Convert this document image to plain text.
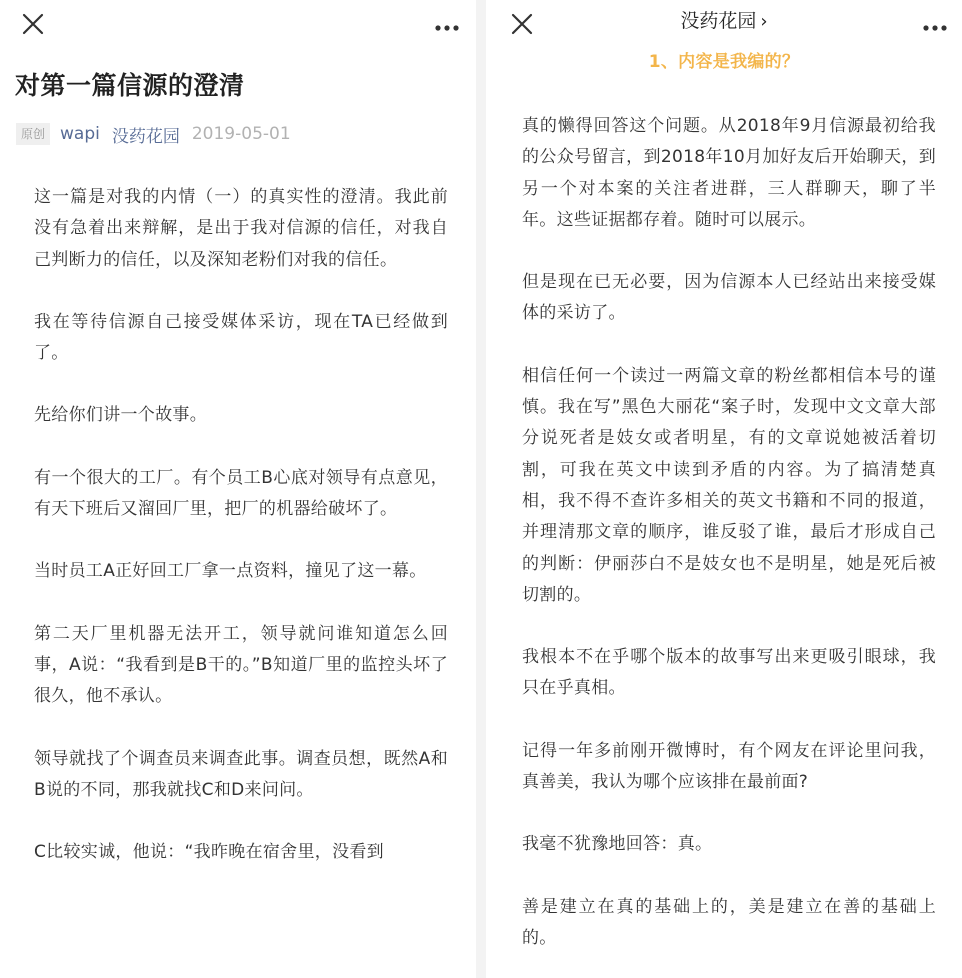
对第一篇信源的澄清
原创 wapi 没药花园 2019-05-01

这一篇是对我的内情（一）的真实性的澄清。我此前没有急着出来辩解，是出于我对信源的信任，对我自己判断力的信任，以及深知老粉们对我的信任。

我在等待信源自己接受媒体采访，现在TA已经做到了。

先给你们讲一个故事。

有一个很大的工厂。有个员工B心底对领导有点意见，有天下班后又溜回厂里，把厂的机器给破坏了。

当时员工A正好回工厂拿一点资料，撞见了这一幕。

第二天厂里机器无法开工，领导就问谁知道怎么回事，A说：“我看到是B干的。”B知道厂里的监控头坏了很久，他不承认。

领导就找了个调查员来调查此事。调查员想，既然A和B说的不同，那我就找C和D来问问。

C比较实诚，他说：“我昨晚在宿舍里，没看到

没药花园 ›
1、内容是我编的？

真的懒得回答这个问题。从2018年9月信源最初给我的公众号留言，到2018年10月加好友后开始聊天，到另一个对本案的关注者进群，三人群聊天，聊了半年。这些证据都存着。随时可以展示。

但是现在已无必要，因为信源本人已经站出来接受媒体的采访了。

相信任何一个读过一两篇文章的粉丝都相信本号的谨慎。我在写”黑色大丽花“案子时，发现中文文章大部分说死者是妓女或者明星，有的文章说她被活着切割，可我在英文中读到矛盾的内容。为了搞清楚真相，我不得不查许多相关的英文书籍和不同的报道，并理清那文章的顺序，谁反驳了谁，最后才形成自己的判断：伊丽莎白不是妓女也不是明星，她是死后被切割的。

我根本不在乎哪个版本的故事写出来更吸引眼球，我只在乎真相。

记得一年多前刚开微博时，有个网友在评论里问我，真善美，我认为哪个应该排在最前面?

我毫不犹豫地回答：真。

善是建立在真的基础上的，美是建立在善的基础上的。
